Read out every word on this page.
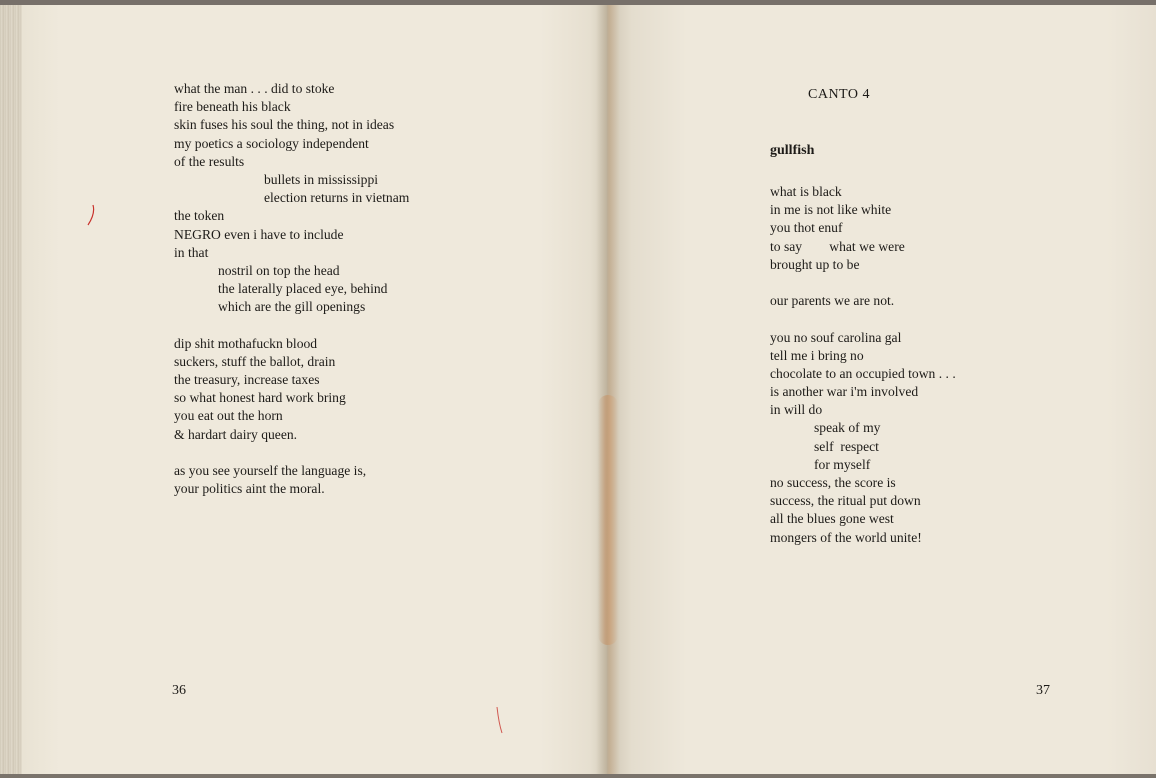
what the man . . . did to stoke
fire beneath his black
skin fuses his soul the thing, not in ideas
my poetics a sociology independent
of the results
bullets in mississippi
election returns in vietnam
the token
NEGRO even i have to include
in that
nostril on top the head
the laterally placed eye, behind
which are the gill openings
dip shit mothafuckn blood
suckers, stuff the ballot, drain
the treasury, increase taxes
so what honest hard work bring
you eat out the horn
& hardart dairy queen.
as you see yourself the language is,
your politics aint the moral.
36
CANTO 4
gullfish
what is black
in me is not like white
you thot enuf
to say        what we were
brought up to be
our parents we are not.
you no souf carolina gal
tell me i bring no
chocolate to an occupied town . . .
is another war i'm involved
in will do
speak of my
self  respect
for myself
no success, the score is
success, the ritual put down
all the blues gone west
mongers of the world unite!
37
